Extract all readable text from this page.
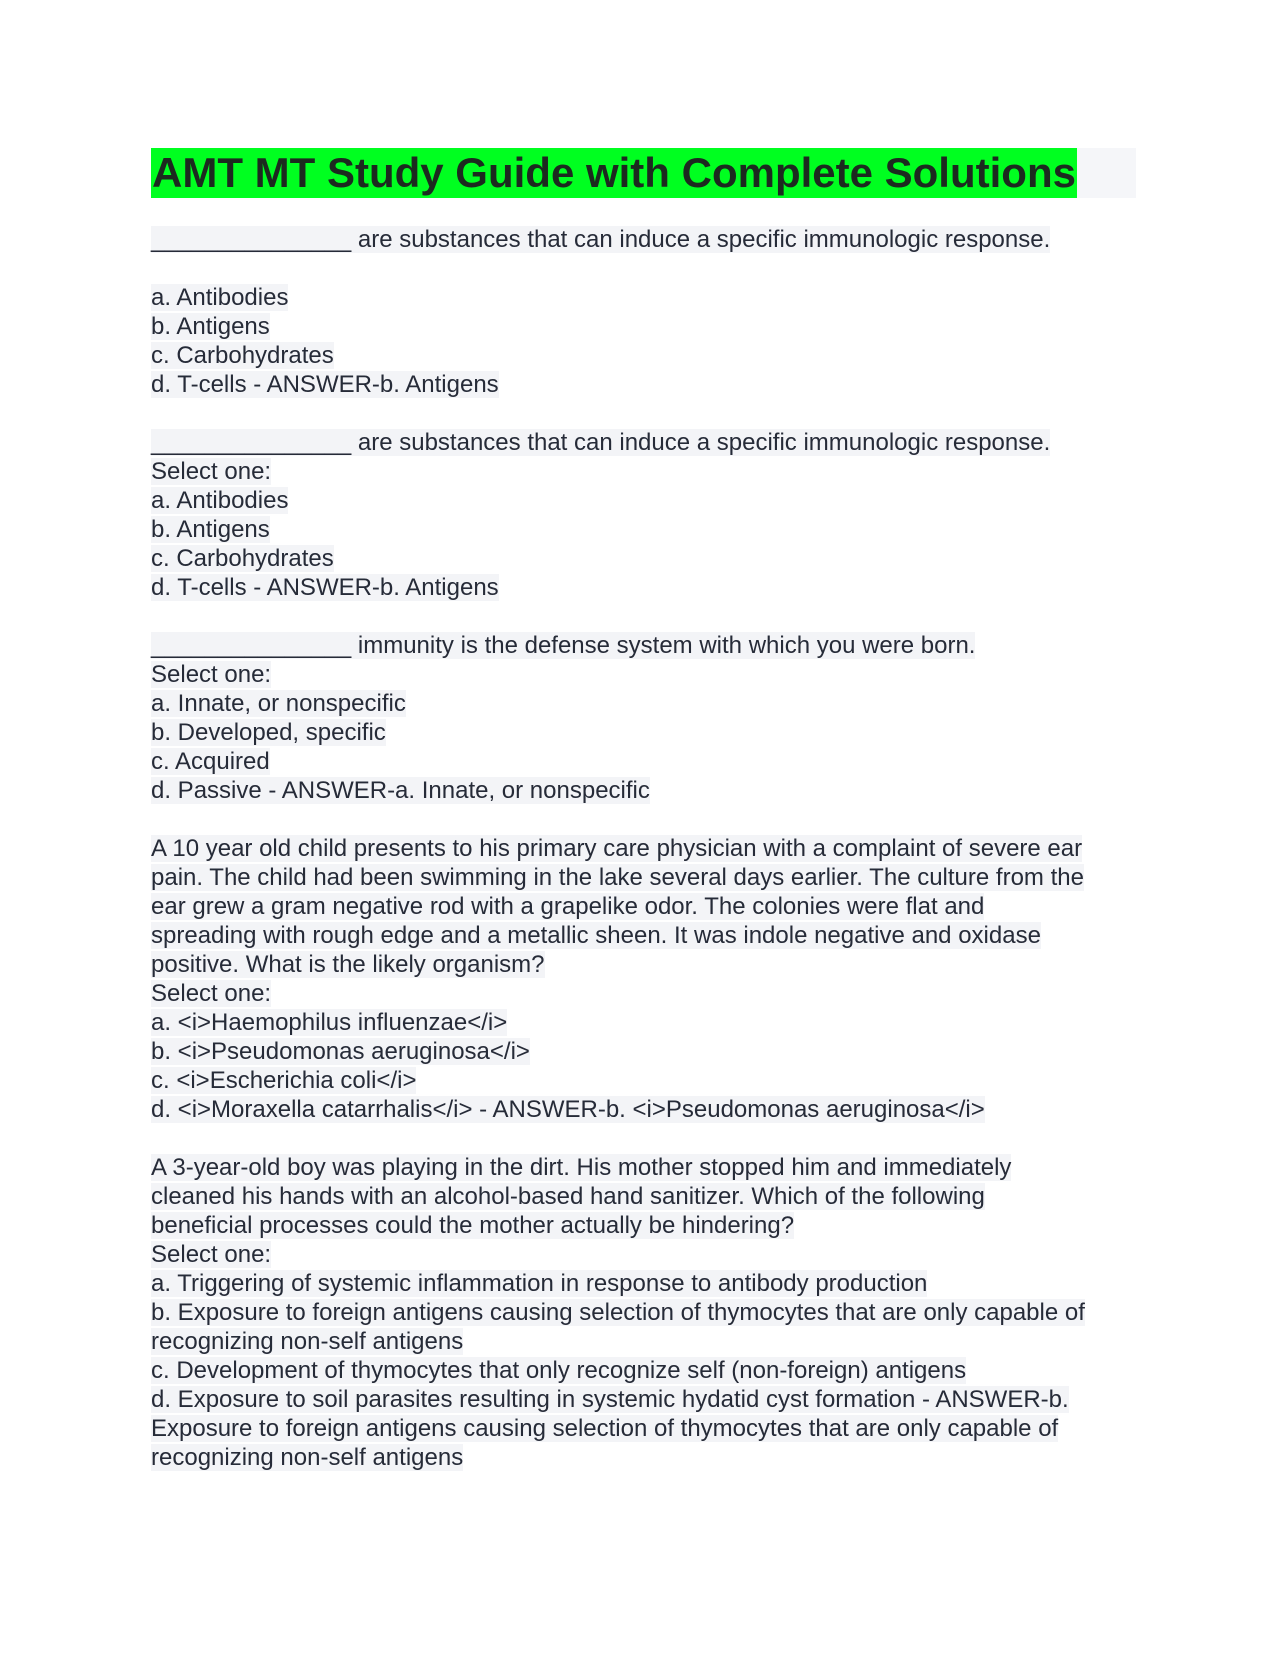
AMT MT Study Guide with Complete Solutions
_______________ are substances that can induce a specific immunologic response.
a. Antibodies
b. Antigens
c. Carbohydrates
d. T-cells - ANSWER-b. Antigens
_______________ are substances that can induce a specific immunologic response.
Select one:
a. Antibodies
b. Antigens
c. Carbohydrates
d. T-cells - ANSWER-b. Antigens
_______________ immunity is the defense system with which you were born.
Select one:
a. Innate, or nonspecific
b. Developed, specific
c. Acquired
d. Passive - ANSWER-a. Innate, or nonspecific
A 10 year old child presents to his primary care physician with a complaint of severe ear
pain. The child had been swimming in the lake several days earlier. The culture from the
ear grew a gram negative rod with a grapelike odor. The colonies were flat and
spreading with rough edge and a metallic sheen. It was indole negative and oxidase
positive. What is the likely organism?
Select one:
a. <i>Haemophilus influenzae</i>
b. <i>Pseudomonas aeruginosa</i>
c. <i>Escherichia coli</i>
d. <i>Moraxella catarrhalis</i> - ANSWER-b. <i>Pseudomonas aeruginosa</i>
A 3-year-old boy was playing in the dirt. His mother stopped him and immediately
cleaned his hands with an alcohol-based hand sanitizer. Which of the following
beneficial processes could the mother actually be hindering?
Select one:
a. Triggering of systemic inflammation in response to antibody production
b. Exposure to foreign antigens causing selection of thymocytes that are only capable of
recognizing non-self antigens
c. Development of thymocytes that only recognize self (non-foreign) antigens
d. Exposure to soil parasites resulting in systemic hydatid cyst formation - ANSWER-b.
Exposure to foreign antigens causing selection of thymocytes that are only capable of
recognizing non-self antigens
